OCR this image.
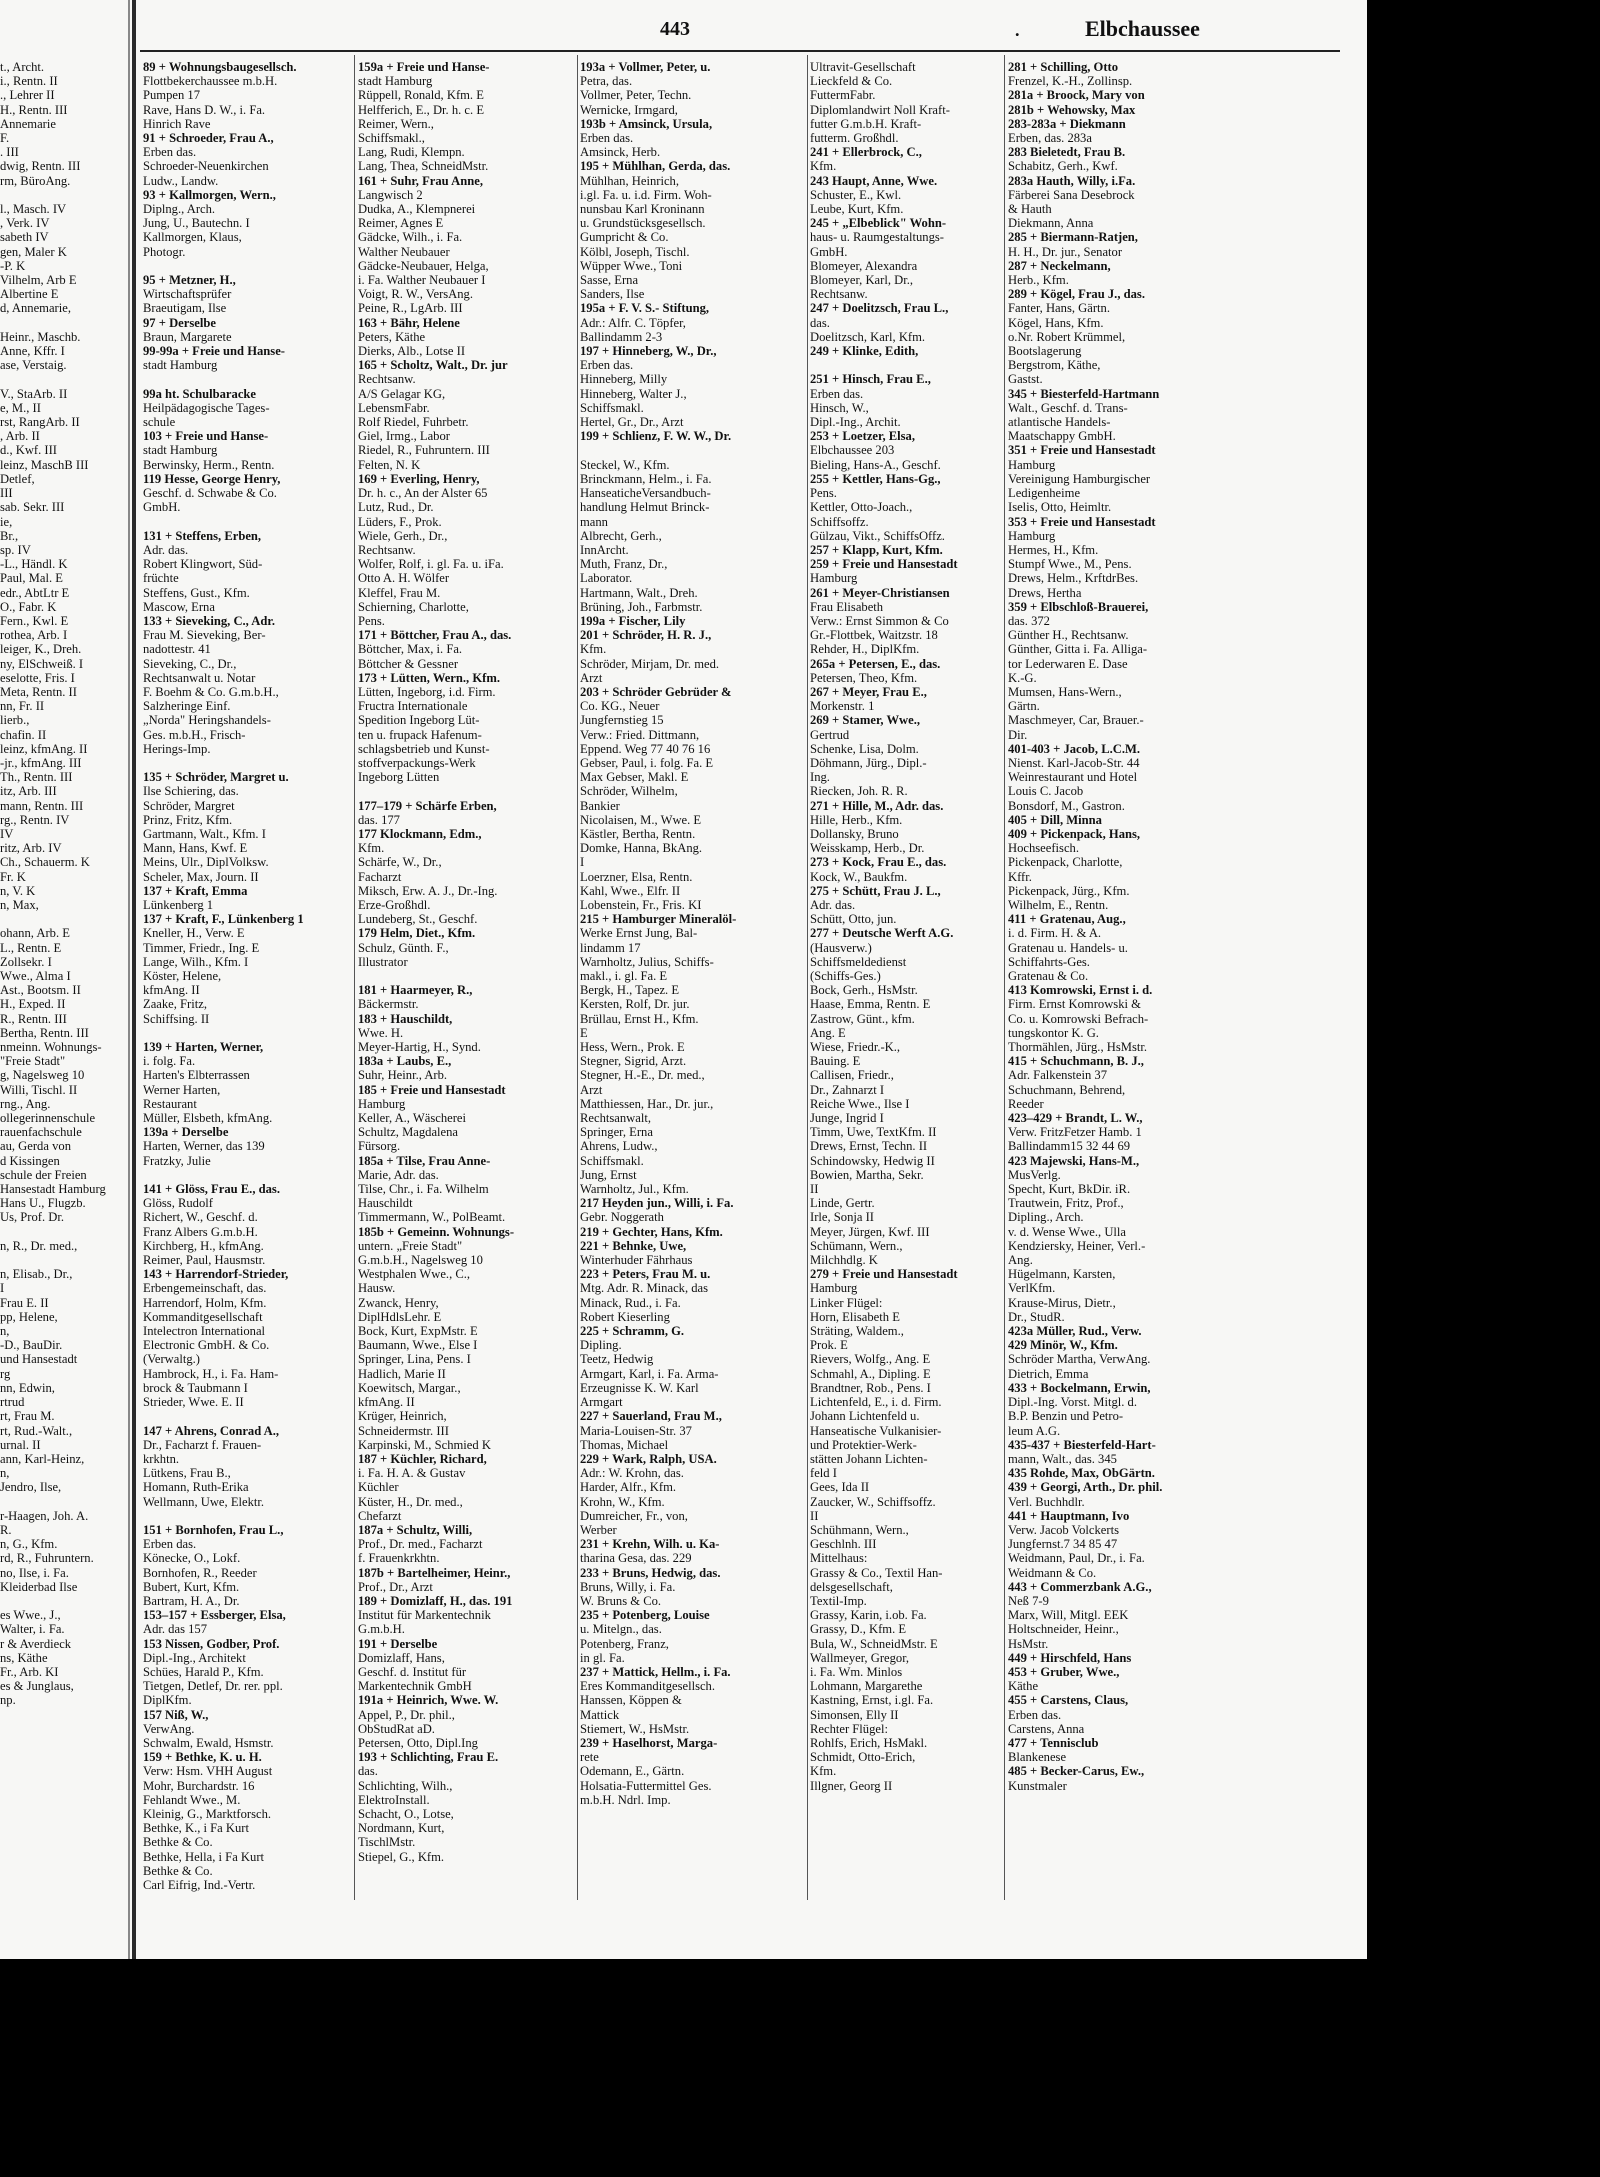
443	.	Elbchaussee
t., Archt.
i., Rentn. II
., Lehrer II
H., Rentn. III
Annemarie
F.
. III
dwig, Rentn. III
rm, BüroAng.

l., Masch. IV
, Verk. IV
sabeth IV
gen, Maler K
-P. K
Vilhelm, Arb E
Albertine E
d, Annemarie,

Heinr., Maschb.
Anne, Kffr. I
ase, Verstaig.

V., StaArb. II
e, M., II
rst, RangArb. II
, Arb. II
d., Kwf. III
leinz, MaschB III
Detlef,
III
sab. Sekr. III
ie,
Br.,
sp. IV
-L., Händl. K
Paul, Mal. E
edr., AbtLtr E
O., Fabr. K
Fern., Kwl. E
rothea, Arb. I
leiger, K., Dreh.
ny, ElSchweiß. I
eselotte, Fris. I
Meta, Rentn. II
nn, Fr. II
lierb.,
chafin. II
leinz, kfmAng. II
-jr., kfmAng. III
Th., Rentn. III
itz, Arb. III
mann, Rentn. III
rg., Rentn. IV
IV
ritz, Arb. IV
Ch., Schauerm. K
Fr. K
n, V. K
n, Max,

ohann, Arb. E
L., Rentn. E
Zollsekr. I
Wwe., Alma I
Ast., Bootsm. II
H., Exped. II
R., Rentn. III
Bertha, Rentn. III
nmeinn. Wohnungs-
"Freie Stadt"
g, Nagelsweg 10
Willi, Tischl. II
rng., Ang.
ollegerinnenschule
rauenfachschule
au, Gerda von
d Kissingen
schule der Freien
Hansestadt Hamburg
Hans U., Flugzb.
Us, Prof. Dr.

n, R., Dr. med.,

n, Elisab., Dr.,
I
Frau E. II
pp, Helene,
n,
-D., BauDir.
und Hansestadt
rg
nn, Edwin,
rtrud
rt, Frau M.
rt, Rud.-Walt.,
urnal. II
ann, Karl-Heinz,
n,
Jendro, Ilse,

r-Haagen, Joh. A.
R.
n, G., Kfm.
rd, R., Fuhruntern.
no, Ilse, i. Fa.
Kleiderbad Ilse

es Wwe., J.,
Walter, i. Fa.
r & Averdieck
ns, Käthe
Fr., Arb. KI
es & Junglaus,
np.
89 + Wohnungsbaugesellsch.
Flottbekerchaussee m.b.H.
Pumpen 17
Rave, Hans D. W., i. Fa.
Hinrich Rave
91 + Schroeder, Frau A.,
Erben das.
Schroeder-Neuenkirchen
Ludw., Landw.
93 + Kallmorgen, Wern.,
Diplng., Arch.
Jung, U., Bautechn. I
Kallmorgen, Klaus,
Photogr.

95 + Metzner, H.,
Wirtschaftsprüfer
Braeutigam, Ilse
97 + Derselbe
Braun, Margarete
99-99a + Freie und Hanse-
stadt Hamburg

99a ht. Schulbaracke
Heilpädagogische Tages-
schule
103 + Freie und Hanse-
stadt Hamburg
Berwinsky, Herm., Rentn.
119 Hesse, George Henry,
Geschf. d. Schwabe & Co.
GmbH.

131 + Steffens, Erben,
Adr. das.
Robert Klingwort, Süd-
früchte
Steffens, Gust., Kfm.
Mascow, Erna
133 + Sieveking, C., Adr.
Frau M. Sieveking, Ber-
nadottestr. 41
Sieveking, C., Dr.,
Rechtsanwalt u. Notar
F. Boehm & Co. G.m.b.H.,
Salzheringe Einf.
„Norda" Heringshandels-
Ges. m.b.H., Frisch-
Herings-Imp.

135 + Schröder, Margret u.
Ilse Schiering, das.
Schröder, Margret
Prinz, Fritz, Kfm.
Gartmann, Walt., Kfm. I
Mann, Hans, Kwf. E
Meins, Ulr., DiplVolksw.
Scheler, Max, Journ. II
137 + Kraft, Emma
Lünkenberg 1
137 + Kraft, F., Lünkenberg 1
Kneller, H., Verw. E
Timmer, Friedr., Ing. E
Lange, Wilh., Kfm. I
Köster, Helene,
kfmAng. II
Zaake, Fritz,
Schiffsing. II

139 + Harten, Werner,
i. folg. Fa.
Harten's Elbterrassen
Werner Harten,
Restaurant
Müller, Elsbeth, kfmAng.
139a + Derselbe
Harten, Werner, das 139
Fratzky, Julie

141 + Glöss, Frau E., das.
Glöss, Rudolf
Richert, W., Geschf. d.
Franz Albers G.m.b.H.
Kirchberg, H., kfmAng.
Reimer, Paul, Hausmstr.
143 + Harrendorf-Strieder,
Erbengemeinschaft, das.
Harrendorf, Holm, Kfm.
Kommanditgesellschaft
Intelectron International
Electronic GmbH. & Co.
(Verwaltg.)
Hambrock, H., i. Fa. Ham-
brock & Taubmann I
Strieder, Wwe. E. II

147 + Ahrens, Conrad A.,
Dr., Facharzt f. Frauen-
krkhtn.
Lütkens, Frau B.,
Homann, Ruth-Erika
Wellmann, Uwe, Elektr.

151 + Bornhofen, Frau L.,
Erben das.
Könecke, O., Lokf.
Bornhofen, R., Reeder
Bubert, Kurt, Kfm.
Bartram, H. A., Dr.
153–157 + Essberger, Elsa,
Adr. das 157
153 Nissen, Godber, Prof.
Dipl.-Ing., Architekt
Schües, Harald P., Kfm.
Tietgen, Detlef, Dr. rer. ppl.
DiplKfm.
157 Niß, W.,
VerwAng.
Schwalm, Ewald, Hsmstr.
159 + Bethke, K. u. H.
Verw: Hsm. VHH August
Mohr, Burchardstr. 16
Fehlandt Wwe., M.
Kleinig, G., Marktforsch.
Bethke, K., i Fa Kurt
Bethke & Co.
Bethke, Hella, i Fa Kurt
Bethke & Co.
Carl Eifrig, Ind.-Vertr.
159a + Freie und Hanse-
stadt Hamburg
Rüppell, Ronald, Kfm. E
Helfferich, E., Dr. h. c. E
Reimer, Wern.,
Schiffsmakl.,
Lang, Rudi, Klempn.
Lang, Thea, SchneidMstr.
161 + Suhr, Frau Anne,
Langwisch 2
Dudka, A., Klempnerei
Reimer, Agnes E
Gädcke, Wilh., i. Fa.
Walther Neubauer
Gädcke-Neubauer, Helga,
i. Fa. Walther Neubauer I
Voigt, R. W., VersAng.
Peine, R., LgArb. III
163 + Bähr, Helene
Peters, Käthe
Dierks, Alb., Lotse II
165 + Scholtz, Walt., Dr. jur
Rechtsanw.
A/S Gelagar KG,
LebensmFabr.
Rolf Riedel, Fuhrbetr.
Giel, Irmg., Labor
Riedel, R., Fuhruntern. III
Felten, N. K
169 + Everling, Henry,
Dr. h. c., An der Alster 65
Lutz, Rud., Dr.
Lüders, F., Prok.
Wiele, Gerh., Dr.,
Rechtsanw.
Wolfer, Rolf, i. gl. Fa. u. iFa.
Otto A. H. Wölfer
Kleffel, Frau M.
Schierning, Charlotte,
Pens.
171 + Böttcher, Frau A., das.
Böttcher, Max, i. Fa.
Böttcher & Gessner
173 + Lütten, Wern., Kfm.
Lütten, Ingeborg, i.d. Firm.
Fructra Internationale
Spedition Ingeborg Lüt-
ten u. frupack Hafenum-
schlagsbetrieb und Kunst-
stoffverpackungs-Werk
Ingeborg Lütten

177–179 + Schärfe Erben,
das. 177
177 Klockmann, Edm.,
Kfm.
Schärfe, W., Dr.,
Facharzt
Miksch, Erw. A. J., Dr.-Ing.
Erze-Großhdl.
Lundeberg, St., Geschf.
179 Helm, Diet., Kfm.
Schulz, Günth. F.,
Illustrator

181 + Haarmeyer, R.,
Bäckermstr.
183 + Hauschildt,
Wwe. H.
Meyer-Hartig, H., Synd.
183a + Laubs, E.,
Suhr, Heinr., Arb.
185 + Freie und Hansestadt
Hamburg
Keller, A., Wäscherei
Schultz, Magdalena
Fürsorg.
185a + Tilse, Frau Anne-
Marie, Adr. das.
Tilse, Chr., i. Fa. Wilhelm
Hauschildt
Timmermann, W., PolBeamt.
185b + Gemeinn. Wohnungs-
untern. „Freie Stadt"
G.m.b.H., Nagelsweg 10
Westphalen Wwe., C.,
Hausw.
Zwanck, Henry,
DiplHdlsLehr. E
Bock, Kurt, ExpMstr. E
Baumann, Wwe., Else I
Springer, Lina, Pens. I
Hadlich, Marie II
Koewitsch, Margar.,
kfmAng. II
Krüger, Heinrich,
Schneidermstr. III
Karpinski, M., Schmied K
187 + Küchler, Richard,
i. Fa. H. A. & Gustav
Küchler
Küster, H., Dr. med.,
Chefarzt
187a + Schultz, Willi,
Prof., Dr. med., Facharzt
f. Frauenkrkhtn.
187b + Bartelheimer, Heinr.,
Prof., Dr., Arzt
189 + Domizlaff, H., das. 191
Institut für Markentechnik
G.m.b.H.
191 + Derselbe
Domizlaff, Hans,
Geschf. d. Institut für
Markentechnik GmbH
191a + Heinrich, Wwe. W.
Appel, P., Dr. phil.,
ObStudRat aD.
Petersen, Otto, Dipl.Ing
193 + Schlichting, Frau E.
das.
Schlichting, Wilh.,
ElektroInstall.
Schacht, O., Lotse,
Nordmann, Kurt,
TischlMstr.
Stiepel, G., Kfm.
193a + Vollmer, Peter, u.
Petra, das.
Vollmer, Peter, Techn.
Wernicke, Irmgard,
193b + Amsinck, Ursula,
Erben das.
Amsinck, Herb.
195 + Mühlhan, Gerda, das.
Mühlhan, Heinrich,
i.gl. Fa. u. i.d. Firm. Woh-
nunsbau Karl Kroninann
u. Grundstücksgesellsch.
Gumpricht & Co.
Kölbl, Joseph, Tischl.
Wüpper Wwe., Toni
Sasse, Erna
Sanders, Ilse
195a + F. V. S.- Stiftung,
Adr.: Alfr. C. Töpfer,
Ballindamm 2-3
197 + Hinneberg, W., Dr.,
Erben das.
Hinneberg, Milly
Hinneberg, Walter J.,
Schiffsmakl.
Hertel, Gr., Dr., Arzt
199 + Schlienz, F. W. W., Dr.

Steckel, W., Kfm.
Brinckmann, Helm., i. Fa.
HanseaticheVersandbuch-
handlung Helmut Brinck-
mann
Albrecht, Gerh.,
InnArcht.
Muth, Franz, Dr.,
Laborator.
Hartmann, Walt., Dreh.
Brüning, Joh., Farbmstr.
199a + Fischer, Lily
201 + Schröder, H. R. J.,
Kfm.
Schröder, Mirjam, Dr. med.
Arzt
203 + Schröder Gebrüder &
Co. KG., Neuer
Jungfernstieg 15
Verw.: Fried. Dittmann,
Eppend. Weg 77 40 76 16
Gebser, Paul, i. folg. Fa. E
Max Gebser, Makl. E
Schröder, Wilhelm,
Bankier
Nicolaisen, M., Wwe. E
Kästler, Bertha, Rentn.
Domke, Hanna, BkAng.
I
Loerzner, Elsa, Rentn.
Kahl, Wwe., Elfr. II
Lobenstein, Fr., Fris. KI
215 + Hamburger Mineralöl-
Werke Ernst Jung, Bal-
lindamm 17
Warnholtz, Julius, Schiffs-
makl., i. gl. Fa. E
Bergk, H., Tapez. E
Kersten, Rolf, Dr. jur.
Brüllau, Ernst H., Kfm.
E
Hess, Wern., Prok. E
Stegner, Sigrid, Arzt.
Stegner, H.-E., Dr. med.,
Arzt
Matthiessen, Har., Dr. jur.,
Rechtsanwalt,
Springer, Erna
Ahrens, Ludw.,
Schiffsmakl.
Jung, Ernst
Warnholtz, Jul., Kfm.
217 Heyden jun., Willi, i. Fa.
Gebr. Noggerath
219 + Gechter, Hans, Kfm.
221 + Behnke, Uwe,
Winterhuder Fährhaus
223 + Peters, Frau M. u.
Mtg. Adr. R. Minack, das
Minack, Rud., i. Fa.
Robert Kieserling
225 + Schramm, G.
Dipling.
Teetz, Hedwig
Armgart, Karl, i. Fa. Arma-
Erzeugnisse K. W. Karl
Armgart
227 + Sauerland, Frau M.,
Maria-Louisen-Str. 37
Thomas, Michael
229 + Wark, Ralph, USA.
Adr.: W. Krohn, das.
Harder, Alfr., Kfm.
Krohn, W., Kfm.
Dumreicher, Fr., von,
Werber
231 + Krehn, Wilh. u. Ka-
tharina Gesa, das. 229
233 + Bruns, Hedwig, das.
Bruns, Willy, i. Fa.
W. Bruns & Co.
235 + Potenberg, Louise
u. Mitelgn., das.
Potenberg, Franz,
in gl. Fa.
237 + Mattick, Hellm., i. Fa.
Eres Kommanditgesellsch.
Hanssen, Köppen &
Mattick
Stiemert, W., HsMstr.
239 + Haselhorst, Marga-
rete
Odemann, E., Gärtn.
Holsatia-Futtermittel Ges.
m.b.H. Ndrl. Imp.
Ultravit-Gesellschaft
Lieckfeld & Co.
FuttermFabr.
Diplomlandwirt Noll Kraft-
futter G.m.b.H. Kraft-
futterm. Großhdl.
241 + Ellerbrock, C.,
Kfm.
243 Haupt, Anne, Wwe.
Schuster, E., Kwl.
Leube, Kurt, Kfm.
245 + „Elbeblick" Wohn-
haus- u. Raumgestaltungs-
GmbH.
Blomeyer, Alexandra
Blomeyer, Karl, Dr.,
Rechtsanw.
247 + Doelitzsch, Frau L.,
das.
Doelitzsch, Karl, Kfm.
249 + Klinke, Edith,

251 + Hinsch, Frau E.,
Erben das.
Hinsch, W.,
Dipl.-Ing., Archit.
253 + Loetzer, Elsa,
Elbchaussee 203
Bieling, Hans-A., Geschf.
255 + Kettler, Hans-Gg.,
Pens.
Kettler, Otto-Joach.,
Schiffsoffz.
Gülzau, Vikt., SchiffsOffz.
257 + Klapp, Kurt, Kfm.
259 + Freie und Hansestadt
Hamburg
261 + Meyer-Christiansen
Frau Elisabeth
Verw.: Ernst Simmon & Co
Gr.-Flottbek, Waitzstr. 18
Rehder, H., DiplKfm.
265a + Petersen, E., das.
Petersen, Theo, Kfm.
267 + Meyer, Frau E.,
Morkenstr. 1
269 + Stamer, Wwe.,
Gertrud
Schenke, Lisa, Dolm.
Döhmann, Jürg., Dipl.-
Ing.
Riecken, Joh. R. R.
271 + Hille, M., Adr. das.
Hille, Herb., Kfm.
Dollansky, Bruno
Weisskamp, Herb., Dr.
273 + Kock, Frau E., das.
Kock, W., Baukfm.
275 + Schütt, Frau J. L.,
Adr. das.
Schütt, Otto, jun.
277 + Deutsche Werft A.G.
(Hausverw.)
Schiffsmeldedienst
(Schiffs-Ges.)
Bock, Gerh., HsMstr.
Haase, Emma, Rentn. E
Zastrow, Günt., kfm.
Ang. E
Wiese, Friedr.-K.,
Bauing. E
Callisen, Friedr.,
Dr., Zahnarzt I
Reiche Wwe., Ilse I
Junge, Ingrid I
Timm, Uwe, TextKfm. II
Drews, Ernst, Techn. II
Schindowsky, Hedwig II
Bowien, Martha, Sekr.
II
Linde, Gertr.
Irle, Sonja II
Meyer, Jürgen, Kwf. III
Schümann, Wern.,
Milchhdlg. K
279 + Freie und Hansestadt
Hamburg
Linker Flügel:
Horn, Elisabeth E
Sträting, Waldem.,
Prok. E
Rievers, Wolfg., Ang. E
Schmahl, A., Dipling. E
Brandtner, Rob., Pens. I
Lichtenfeld, E., i. d. Firm.
Johann Lichtenfeld u.
Hanseatische Vulkanisier-
und Protektier-Werk-
stätten Johann Lichten-
feld I
Gees, Ida II
Zaucker, W., Schiffsoffz.
II
Schühmann, Wern.,
Geschlnh. III
Mittelhaus:
Grassy & Co., Textil Han-
delsgesellschaft,
Textil-Imp.
Grassy, Karin, i.ob. Fa.
Grassy, D., Kfm. E
Bula, W., SchneidMstr. E
Wallmeyer, Gregor,
i. Fa. Wm. Minlos
Lohmann, Margarethe
Kastning, Ernst, i.gl. Fa.
Simonsen, Elly II
Rechter Flügel:
Rohlfs, Erich, HsMakl.
Schmidt, Otto-Erich,
Kfm.
Illgner, Georg II
281 + Schilling, Otto
Frenzel, K.-H., Zollinsp.
281a + Broock, Mary von
281b + Wehowsky, Max
283-283a + Diekmann
Erben, das. 283a
283 Bieletedt, Frau B.
Schabitz, Gerh., Kwf.
283a Hauth, Willy, i.Fa.
Färberei Sana Desebrock
& Hauth
Diekmann, Anna
285 + Biermann-Ratjen,
H. H., Dr. jur., Senator
287 + Neckelmann,
Herb., Kfm.
289 + Kögel, Frau J., das.
Fanter, Hans, Gärtn.
Kögel, Hans, Kfm.
o.Nr. Robert Krümmel,
Bootslagerung
Bergstrom, Käthe,
Gastst.
345 + Biesterfeld-Hartmann
Walt., Geschf. d. Trans-
atlantische Handels-
Maatschappy GmbH.
351 + Freie und Hansestadt
Hamburg
Vereinigung Hamburgischer
Ledigenheime
Iselis, Otto, Heimltr.
353 + Freie und Hansestadt
Hamburg
Hermes, H., Kfm.
Stumpf Wwe., M., Pens.
Drews, Helm., KrftdrBes.
Drews, Hertha
359 + Elbschloß-Brauerei,
das. 372
Günther H., Rechtsanw.
Günther, Gitta i. Fa. Alliga-
tor Lederwaren E. Dase
K.-G.
Mumsen, Hans-Wern.,
Gärtn.
Maschmeyer, Car, Brauer.-
Dir.
401-403 + Jacob, L.C.M.
Nienst. Karl-Jacob-Str. 44
Weinrestaurant und Hotel
Louis C. Jacob
Bonsdorf, M., Gastron.
405 + Dill, Minna
409 + Pickenpack, Hans,
Hochseefisch.
Pickenpack, Charlotte,
Kffr.
Pickenpack, Jürg., Kfm.
Wilhelm, E., Rentn.
411 + Gratenau, Aug.,
i. d. Firm. H. & A.
Gratenau u. Handels- u.
Schiffahrts-Ges.
Gratenau & Co.
413 Komrowski, Ernst i. d.
Firm. Ernst Komrowski &
Co. u. Komrowski Befrach-
tungskontor K. G.
Thormählen, Jürg., HsMstr.
415 + Schuchmann, B. J.,
Adr. Falkenstein 37
Schuchmann, Behrend,
Reeder
423–429 + Brandt, L. W.,
Verw. FritzFetzer Hamb. 1
Ballindamm15 32 44 69
423 Majewski, Hans-M.,
MusVerlg.
Specht, Kurt, BkDir. iR.
Trautwein, Fritz, Prof.,
Dipling., Arch.
v. d. Wense Wwe., Ulla
Kendziersky, Heiner, Verl.-
Ang.
Hügelmann, Karsten,
VerlKfm.
Krause-Mirus, Dietr.,
Dr., StudR.
423a Müller, Rud., Verw.
429 Minör, W., Kfm.
Schröder Martha, VerwAng.
Dietrich, Emma
433 + Bockelmann, Erwin,
Dipl.-Ing. Vorst. Mitgl. d.
B.P. Benzin und Petro-
leum A.G.
435-437 + Biesterfeld-Hart-
mann, Walt., das. 345
435 Rohde, Max, ObGärtn.
439 + Georgi, Arth., Dr. phil.
Verl. Buchhdlr.
441 + Hauptmann, Ivo
Verw. Jacob Volckerts
Jungfernst.7 34 85 47
Weidmann, Paul, Dr., i. Fa.
Weidmann & Co.
443 + Commerzbank A.G.,
Neß 7-9
Marx, Will, Mitgl. EEK
Holtschneider, Heinr.,
HsMstr.
449 + Hirschfeld, Hans
453 + Gruber, Wwe.,
Käthe
455 + Carstens, Claus,
Erben das.
Carstens, Anna
477 + Tennisclub
Blankenese
485 + Becker-Carus, Ew.,
Kunstmaler
